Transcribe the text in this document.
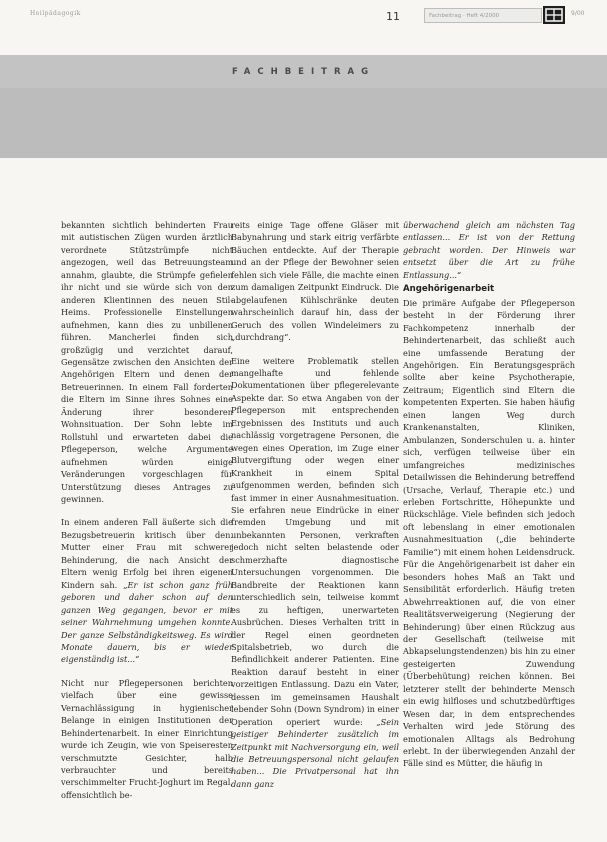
Heilpädagogik	11	Fachbeitrag · Heft 4/2000	9/00
FACHBEITRAG

bekannten sichtlich behinderten Frau mit autistischen Zügen wurden ärztlich verordnete Stützstrümpfe nicht angezogen, weil das Betreuungsteam annahm, glaubte, die Strümpfe gefielen ihr nicht und sie würde sich von den anderen Klientinnen des neuen Stil-Heims. Professionelle Einstellungen aufnehmen, kann dies zu unbillenen führen. Mancherlei finden sich großzügig und verzichtet darauf, Gegensätze zwischen den Ansichten der Angehörigen Eltern und denen der Betreuerinnen. In einem Fall forderten die Eltern im Sinne ihres Sohnes eine Änderung ihrer besonderen Wohnsituation. Der Sohn lebte im Rollstuhl und erwarteten dabei die Pflegeperson, welche Argumente aufnehmen würden einige Veränderungen vorgeschlagen für Unterstützung dieses Antrages zu gewinnen.

In einem anderen Fall äußerte sich die Bezugsbetreuerin kritisch über den. Mutter einer Frau mit schwerer Behinderung, die nach Ansicht der Eltern wenig Erfolg bei ihren eigenen Kindern sah. „Er ist schon ganz früh geboren und daher schon auf den ganzen Weg gegangen, bevor er mit seiner Wahrnehmung umgehen konnte. Der ganze Selbständigkeitsweg. Es wird Monate dauern, bis er wieder eigenständig ist...“

Nicht nur Pflegepersonen berichten vielfach über eine gewisse Vernachlässigung in hygienischer Belange in einigen Institutionen der Behindertenarbeit. In einer Einrichtung wurde ich Zeugin, wie von Speiseresten verschmutzte Gesichter, halb verbrauchter und bereits verschimmelter Frucht-Joghurt im Regal, offensichtlich be-

reits einige Tage offene Gläser mit Babynahrung und stark eitrig verfärbte Bäuchen entdeckte. Auf der Therapie und an der Pflege der Bewohner seien fehlen sich viele Fälle, die machte einen zum damaligen Zeitpunkt Eindruck. Die abgelaufenen Kühlschränke deuten wahrscheinlich darauf hin, dass der Geruch des vollen Windeleimers zu „durchdrang“.

Eine weitere Problematik stellen mangelhafte und fehlende Dokumentationen über pflegerelevante Aspekte dar. So etwa Angaben von der Pflegeperson mit entsprechenden Ergebnissen des Instituts und auch nachlässig vorgetragene Personen, die wegen eines Operation, im Zuge einer Blutvergiftung oder wegen einer Krankheit in einem Spital aufgenommen werden, befinden sich fast immer in einer Ausnahmesituation. Sie erfahren neue Eindrücke in einer fremden Umgebung und mit unbekannten Personen, verkraften jedoch nicht selten belastende oder schmerzhafte diagnostische Untersuchungen vorgenommen. Die Bandbreite der Reaktionen kann unterschiedlich sein, teilweise kommt es zu heftigen, unerwarteten Ausbrüchen. Dieses Verhalten tritt in der Regel einen geordneten Spitalsbetrieb, wo durch die Befindlichkeit anderer Patienten. Eine Reaktion darauf besteht in einer vorzeitigen Entlassung. Dazu ein Vater, dessen im gemeinsamen Haushalt lebender Sohn (Down Syndrom) in einer Operation operiert wurde: „Sein geistiger Behinderter zusätzlich im Zeitpunkt mit Nachversorgung ein, weil die Betreuungspersonal nicht gelaufen haben... Die Privatpersonal hat ihn dann ganz

überwachend gleich am nächsten Tag entlassen... Er ist von der Rettung gebracht worden. Der Hinweis war entsetzt über die Art zu frühe Entlassung...“

Angehörigenarbeit

Die primäre Aufgabe der Pflegeperson besteht in der Förderung ihrer Fachkompetenz innerhalb der Behindertenarbeit, das schließt auch eine umfassende Beratung der Angehörigen. Ein Beratungsgespräch sollte aber keine Psychotherapie, Zeitraum; Eigentlich sind Eltern die kompetenten Experten. Sie haben häufig einen langen Weg durch Krankenanstalten, Kliniken, Ambulanzen, Sonderschulen u. a. hinter sich, verfügen teilweise über ein umfangreiches medizinisches Detailwissen die Behinderung betreffend (Ursache, Verlauf, Therapie etc.) und erleben Fortschritte, Höhepunkte und Rückschläge. Viele befinden sich jedoch oft lebenslang in einer emotionalen Ausnahmesituation („die behinderte Familie“) mit einem hohen Leidensdruck. Für die Angehörigenarbeit ist daher ein besonders hohes Maß an Takt und Sensibilität erforderlich. Häufig treten Abwehrreaktionen auf, die von einer Realitätsverweigerung (Negierung der Behinderung) über einen Rückzug aus der Gesellschaft (teilweise mit Abkapselungstendenzen) bis hin zu einer gesteigerten Zuwendung (Überbehütung) reichen können. Bei letzterer stellt der behinderte Mensch ein ewig hilfloses und schutzbedürftiges Wesen dar, in dem entsprechendes Verhalten wird jede Störung des emotionalen Alltags als Bedrohung erlebt. In der überwiegenden Anzahl der Fälle sind es Mütter, die häufig in
